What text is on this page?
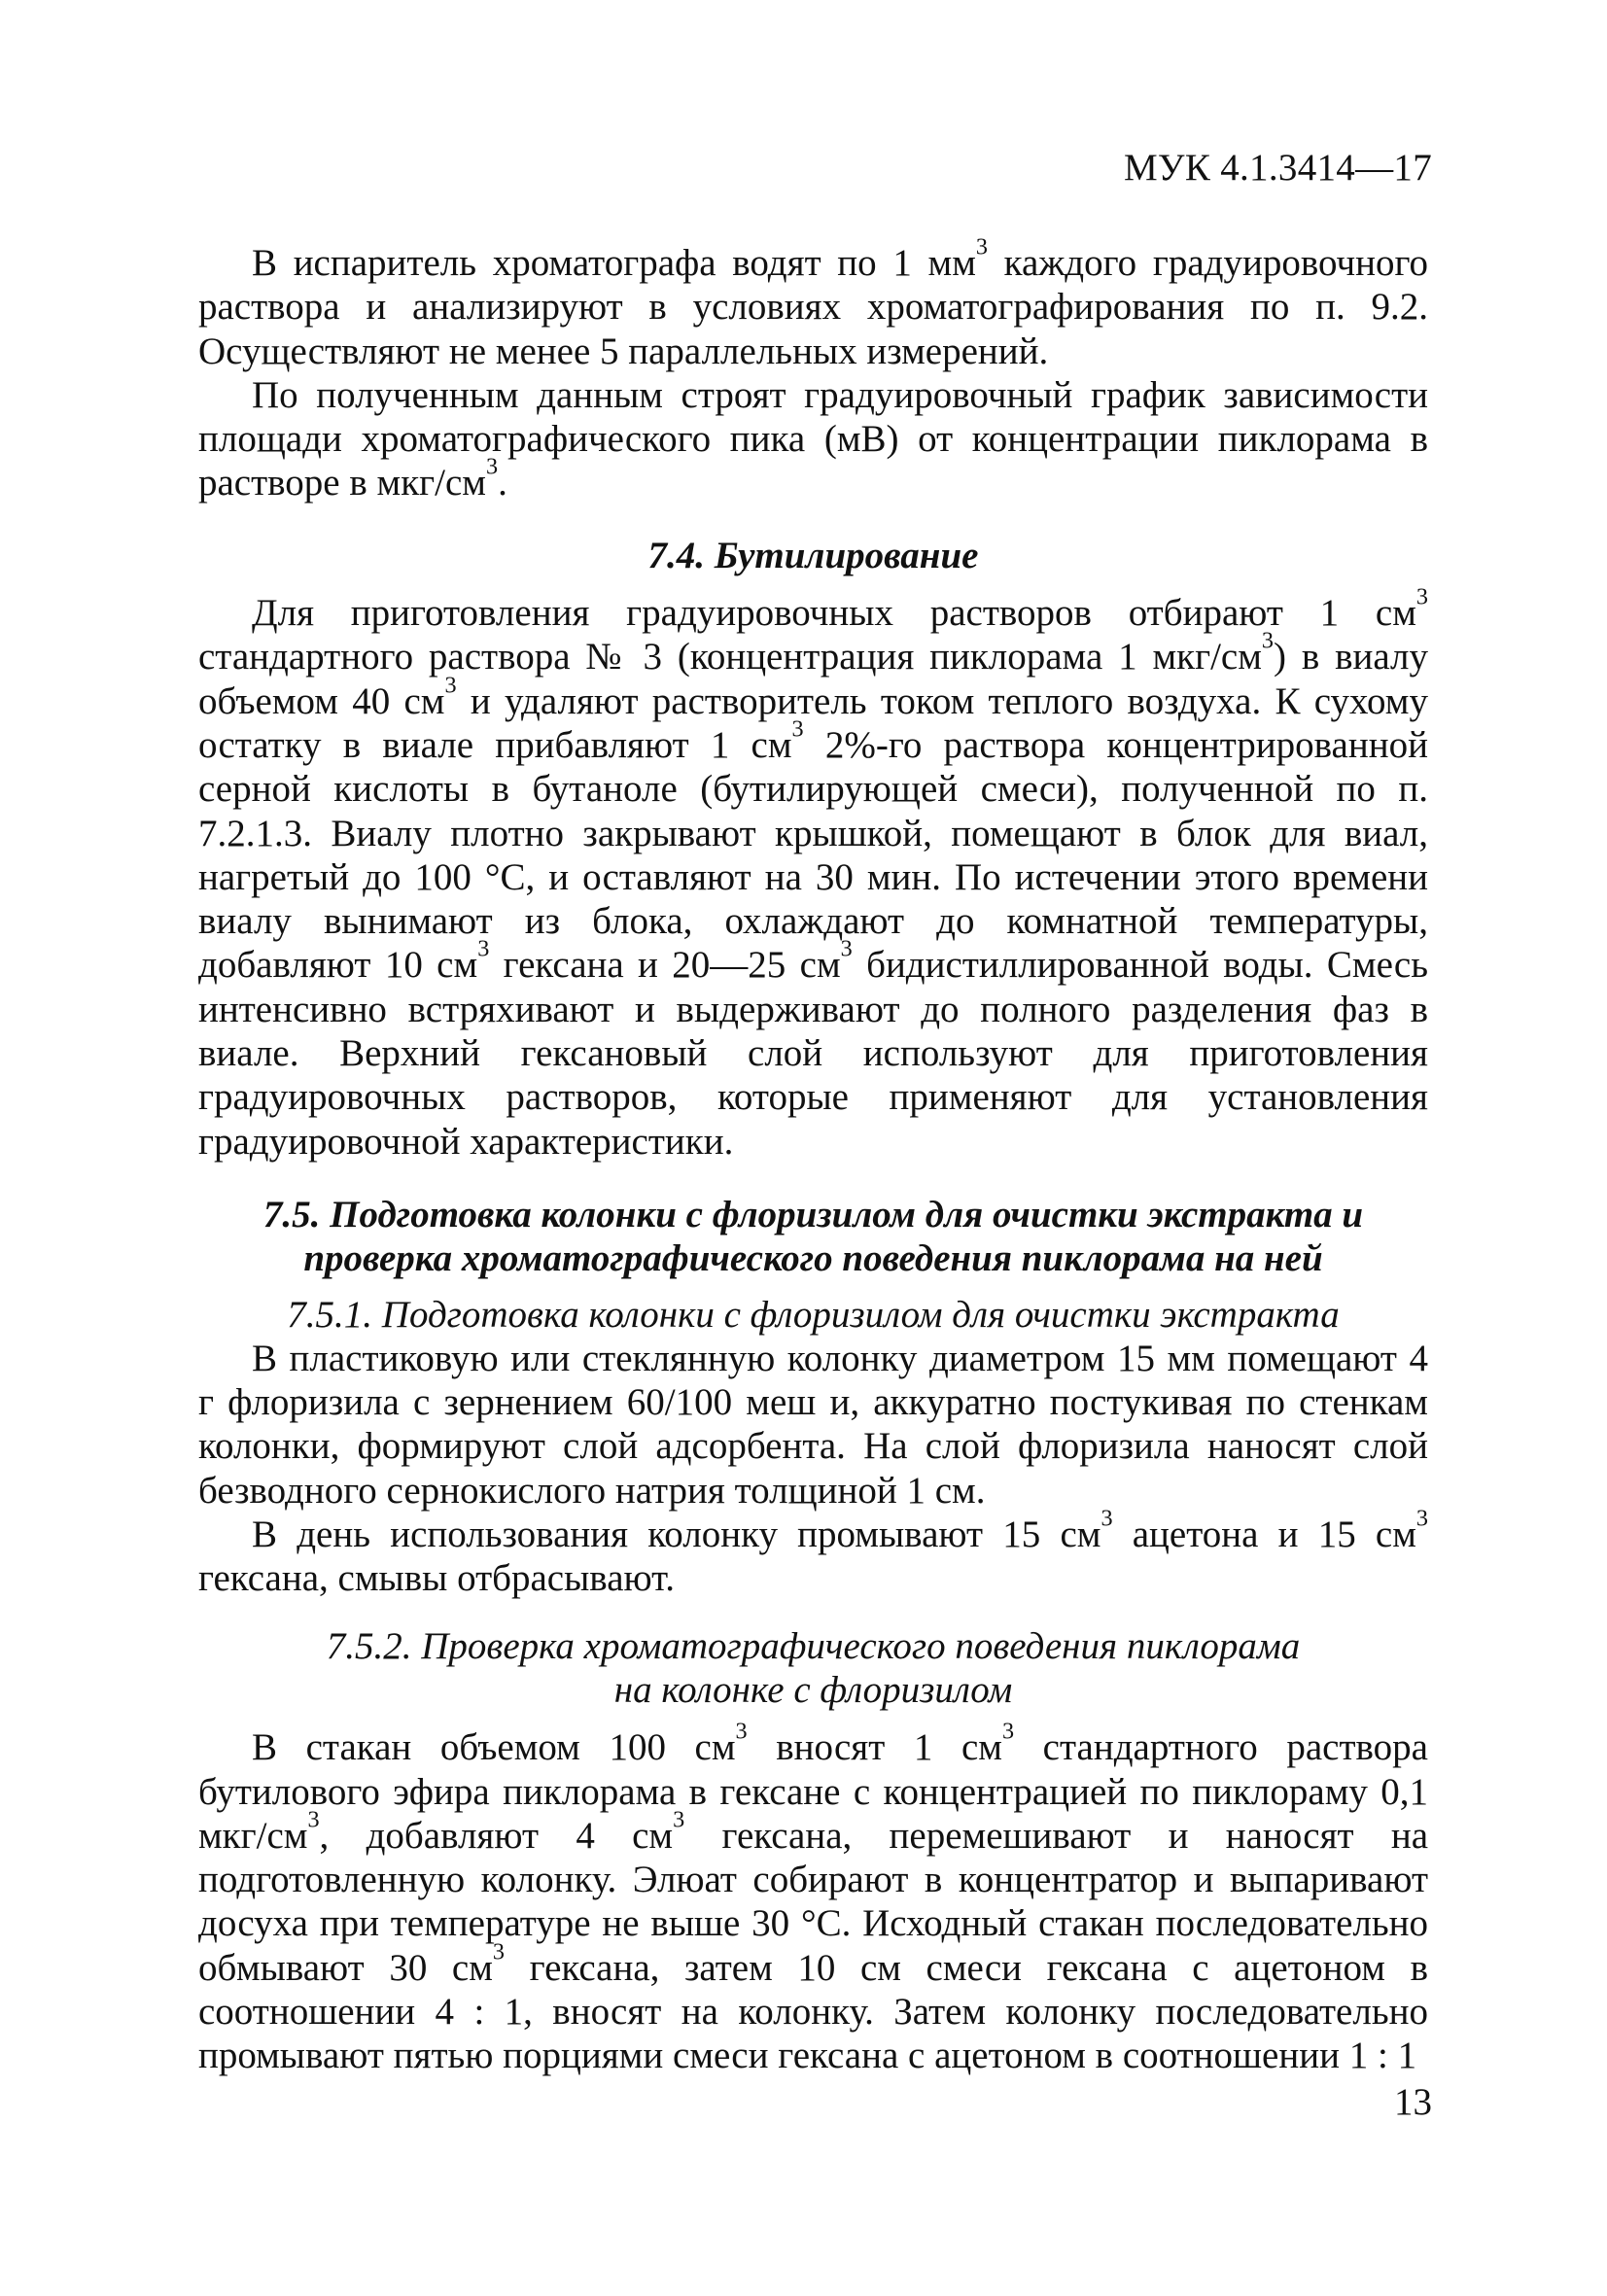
МУК 4.1.3414—17

В испаритель хроматографа водят по 1 $мм^3$ каждого градуировочного раствора и анализируют в условиях хроматографирования по п. 9.2. Осуществляют не менее 5 параллельных измерений.

По полученным данным строят градуировочный график зависимости площади хроматографического пика (мВ) от концентрации пиклорама в растворе в мкг/$см^3$.

7.4. Бутилирование

Для приготовления градуировочных растворов отбирают 1 $см^3$ стандартного раствора № 3 (концентрация пиклорама 1 мкг/$см^3$) в виалу объемом 40 $см^3$ и удаляют растворитель током теплого воздуха. К сухому остатку в виале прибавляют 1 $см^3$ 2%-го раствора концентрированной серной кислоты в бутаноле (бутилирующей смеси), полученной по п. 7.2.1.3. Виалу плотно закрывают крышкой, помещают в блок для виал, нагретый до 100 °С, и оставляют на 30 мин. По истечении этого времени виалу вынимают из блока, охлаждают до комнатной температуры, добавляют 10 $см^3$ гексана и 20—25 $см^3$ бидистиллированной воды. Смесь интенсивно встряхивают и выдерживают до полного разделения фаз в виале. Верхний гексановый слой используют для приготовления градуировочных растворов, которые применяют для установления градуировочной характеристики.

7.5. Подготовка колонки с флоризилом для очистки экстракта и
проверка хроматографического поведения пиклорама на ней
7.5.1. Подготовка колонки с флоризилом для очистки экстракта

В пластиковую или стеклянную колонку диаметром 15 мм помещают 4 г флоризила с зернением 60/100 меш и, аккуратно постукивая по стенкам колонки, формируют слой адсорбента. На слой флоризила наносят слой безводного сернокислого натрия толщиной 1 см.

В день использования колонку промывают 15 $см^3$ ацетона и 15 $см^3$ гексана, смывы отбрасывают.

7.5.2. Проверка хроматографического поведения пиклорама
на колонке с флоризилом

В стакан объемом 100 $см^3$ вносят 1 $см^3$ стандартного раствора бутилового эфира пиклорама в гексане с концентрацией по пиклораму 0,1 мкг/$см^3$, добавляют 4 $см^3$ гексана, перемешивают и наносят на подготовленную колонку. Элюат собирают в концентратор и выпаривают досуха при температуре не выше 30 °С. Исходный стакан последовательно обмывают 30 $см^3$ гексана, затем 10 см смеси гексана с ацетоном в соотношении 4 : 1, вносят на колонку. Затем колонку последовательно промывают пятью порциями смеси гексана с ацетоном в соотношении 1 : 1

13
